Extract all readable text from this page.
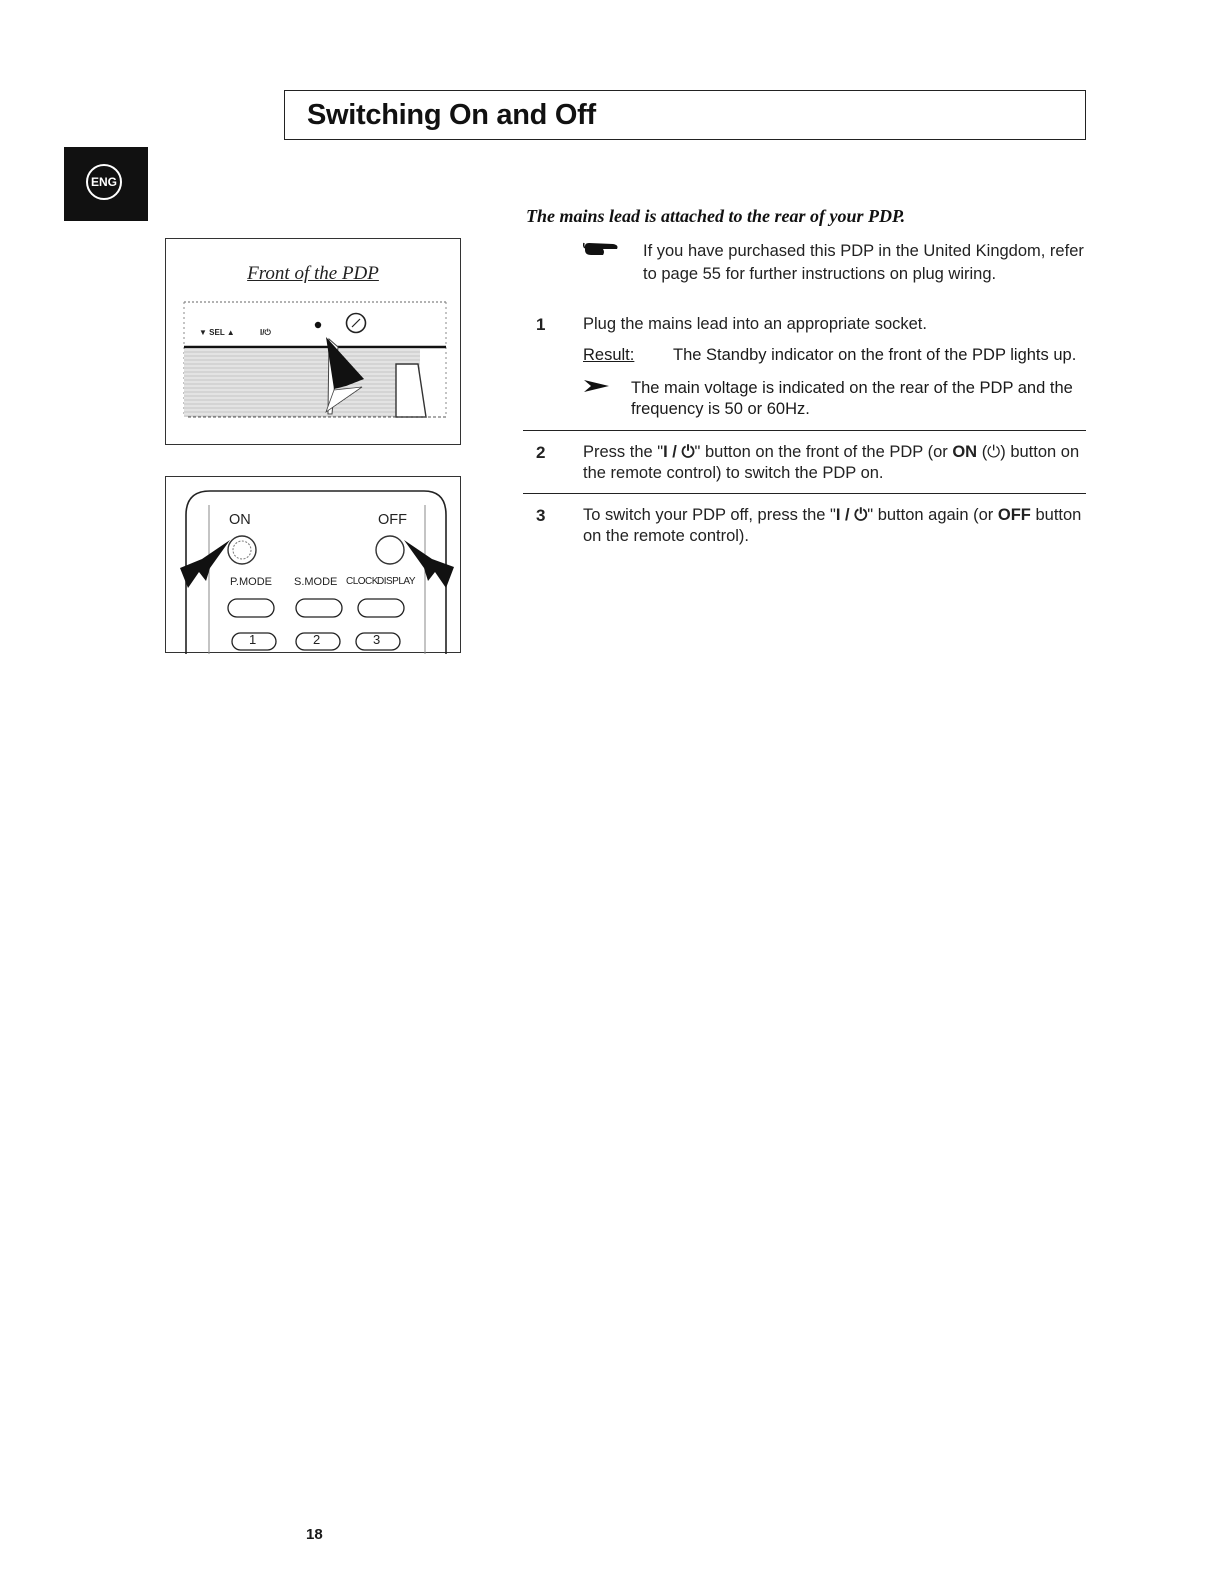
Switching On and Off
ENG
Front of the PDP
▼ SEL ▲	I/⏻
ON	OFF
P.MODE S.MODE CLOCK DISPLAY
1	2	3
The mains lead is attached to the rear of your PDP.
If you have purchased this PDP in the United Kingdom, refer to page 55 for further instructions on plug wiring.
1 Plug the mains lead into an appropriate socket.
Result: The Standby indicator on the front of the PDP lights up.
The main voltage is indicated on the rear of the PDP and the frequency is 50 or 60Hz.
2 Press the "I / ⏻" button on the front of the PDP (or ON (⏻) button on the remote control) to switch the PDP on.
3 To switch your PDP off, press the "I / ⏻" button again (or OFF button on the remote control).
18
